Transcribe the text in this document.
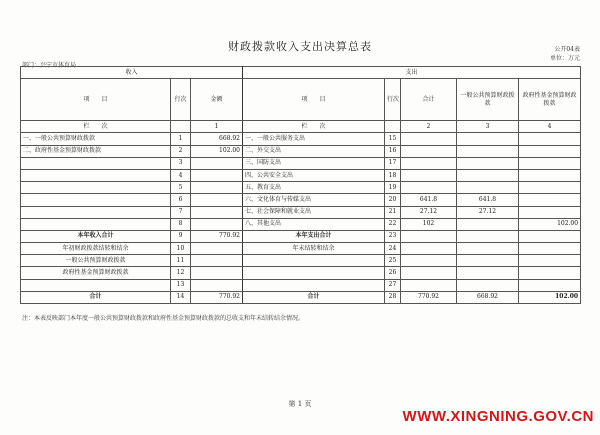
财政拨款收入支出决算总表	公开04表
单位：万元
部门：兴宁市体育局
收入			支出				
项　　目	行次	金额	项　　目	行次	合计	一般公共预算财政拨款	政府性基金预算财政拨款

栏　　次		1	栏　　次		2	3	4
一、一般公共预算财政拨款	1	668.92	一、一般公共服务支出	15			
二、政府性基金预算财政拨款	2	102.00	二、外交支出	16			
	3		三、国防支出	17			
	4		四、公共安全支出	18			
	5		五、教育支出	19			
	6		六、文化体育与传媒支出	20	641.8	641.8	
	7		七、社会保障和就业支出	21	27.12	27.12	
	8		八、其他支出	22	102		102.00
本年收入合计	9	770.92	本年支出合计	23			
年初财政拨款结转和结余	10		年末结转和结余	24			
一般公共预算财政拨款	11			25			
政府性基金预算财政拨款	12			26			
	13			27			
合计	14	770.92	合计	28	770.92	668.92	102.00
注：本表反映部门本年度一般公共预算财政拨款和政府性基金预算财政拨款的总收支和年末结转结余情况。
第 1 页
WWW.XINGNING.GOV.CN
